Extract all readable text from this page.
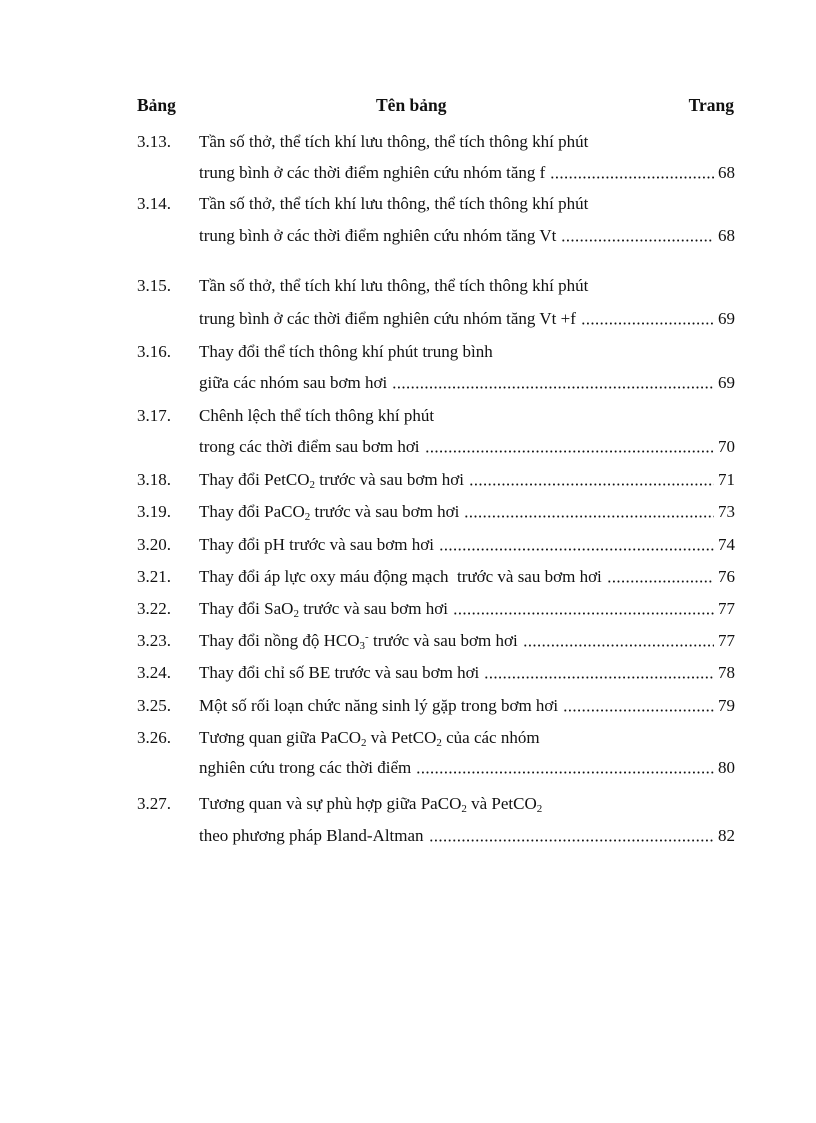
Bảng	Tên bảng	Trang
3.13. Tần số thở, thể tích khí lưu thông, thể tích thông khí phút
trung bình ở các thời điểm nghiên cứu nhóm tăng f	68
3.14. Tần số thở, thể tích khí lưu thông, thể tích thông khí phút
trung bình ở các thời điểm nghiên cứu nhóm tăng Vt	68
3.15. Tần số thở, thể tích khí lưu thông, thể tích thông khí phút
trung bình ở các thời điểm nghiên cứu nhóm tăng Vt +f	69
3.16. Thay đổi thể tích thông khí phút trung bình
giữa các nhóm sau bơm hơi	69
3.17. Chênh lệch thể tích thông khí phút
trong các thời điểm sau bơm hơi	70
3.18. Thay đổi PetCO$_2$ trước và sau bơm hơi	71
3.19. Thay đổi PaCO$_2$ trước và sau bơm hơi	73
3.20. Thay đổi pH trước và sau bơm hơi	74
3.21. Thay đổi áp lực oxy máu động mạch  trước và sau bơm hơi	76
3.22. Thay đổi SaO$_2$ trước và sau bơm hơi	77
3.23. Thay đổi nồng độ $HCO_3^-$ trước và sau bơm hơi	77
3.24. Thay đổi chỉ số BE trước và sau bơm hơi	78
3.25. Một số rối loạn chức năng sinh lý gặp trong bơm hơi	79
3.26. Tương quan giữa PaCO$_2$ và PetCO$_2$ của các nhóm
nghiên cứu trong các thời điểm	80
3.27. Tương quan và sự phù hợp giữa PaCO$_2$ và PetCO$_2$
theo phương pháp Bland-Altman	82
